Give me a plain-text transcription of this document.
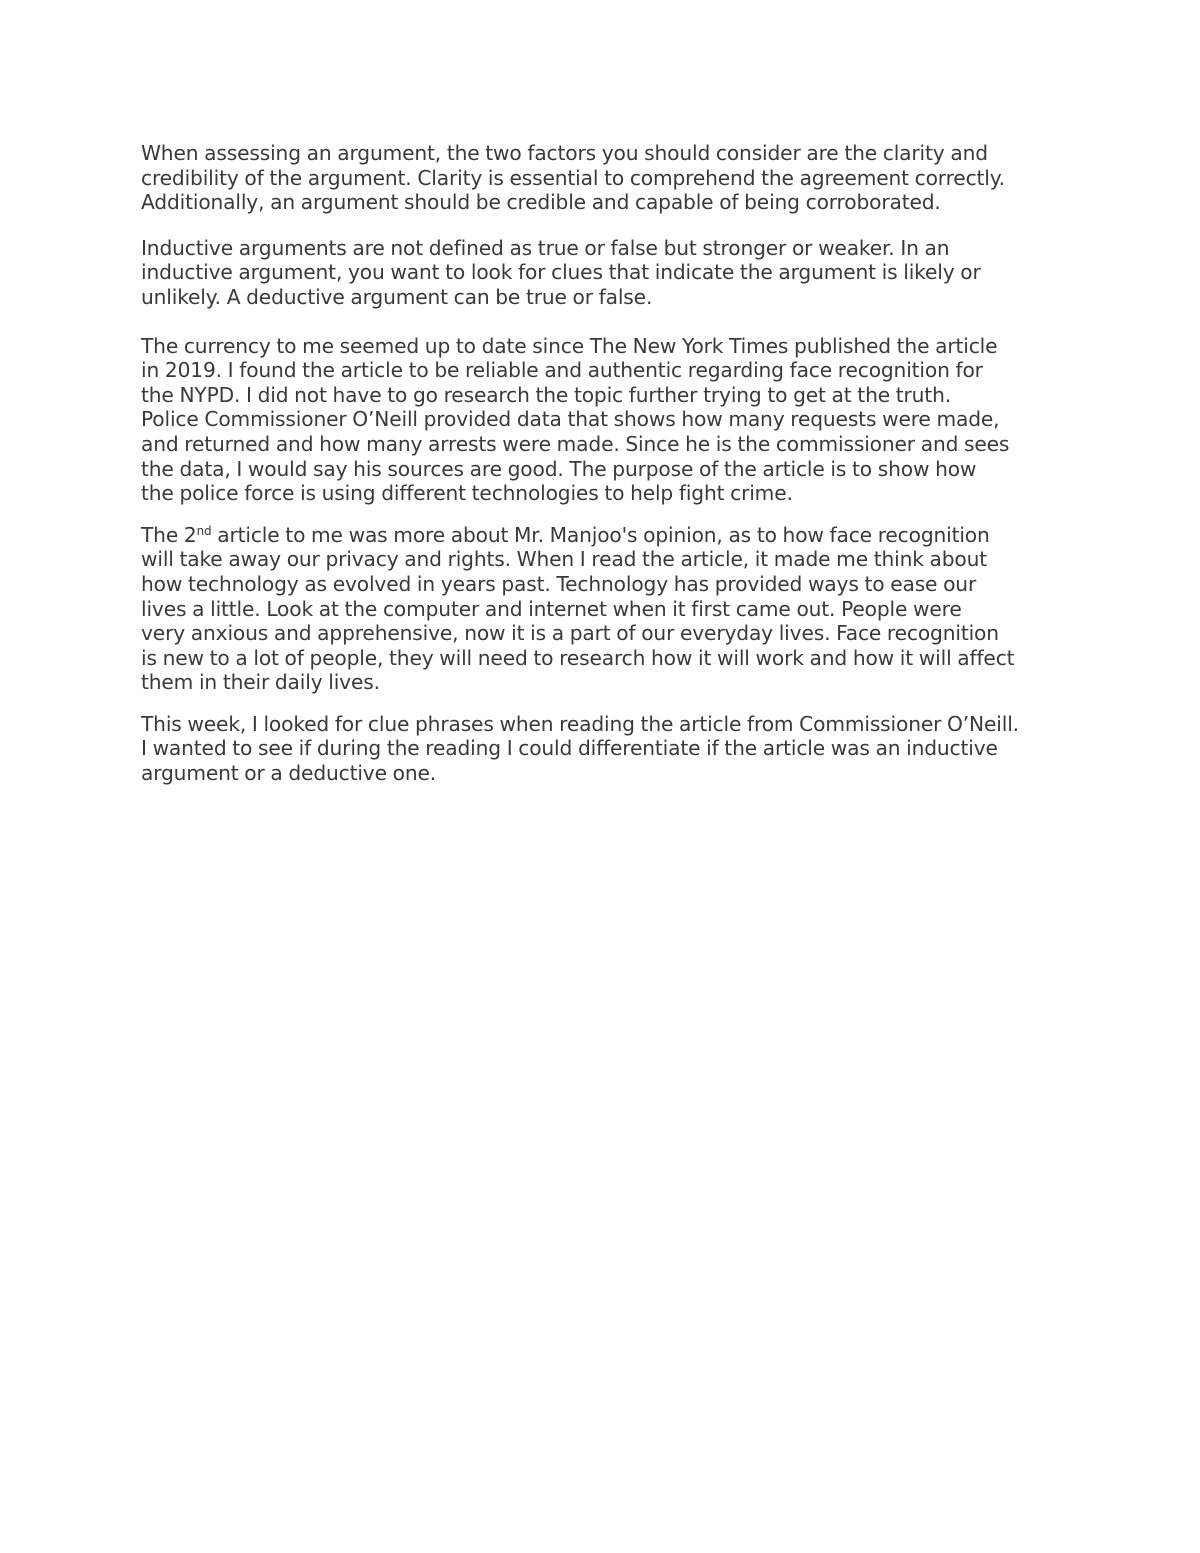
When assessing an argument, the two factors you should consider are the clarity and
credibility of the argument. Clarity is essential to comprehend the agreement correctly.
Additionally, an argument should be credible and capable of being corroborated.

Inductive arguments are not defined as true or false but stronger or weaker. In an
inductive argument, you want to look for clues that indicate the argument is likely or
unlikely. A deductive argument can be true or false.

The currency to me seemed up to date since The New York Times published the article
in 2019. I found the article to be reliable and authentic regarding face recognition for
the NYPD. I did not have to go research the topic further trying to get at the truth.
Police Commissioner O’Neill provided data that shows how many requests were made,
and returned and how many arrests were made. Since he is the commissioner and sees
the data, I would say his sources are good. The purpose of the article is to show how
the police force is using different technologies to help fight crime.

The 2nd article to me was more about Mr. Manjoo's opinion, as to how face recognition
will take away our privacy and rights. When I read the article, it made me think about
how technology as evolved in years past. Technology has provided ways to ease our
lives a little. Look at the computer and internet when it first came out. People were
very anxious and apprehensive, now it is a part of our everyday lives. Face recognition
is new to a lot of people, they will need to research how it will work and how it will affect
them in their daily lives.

This week, I looked for clue phrases when reading the article from Commissioner O’Neill.
I wanted to see if during the reading I could differentiate if the article was an inductive
argument or a deductive one.
